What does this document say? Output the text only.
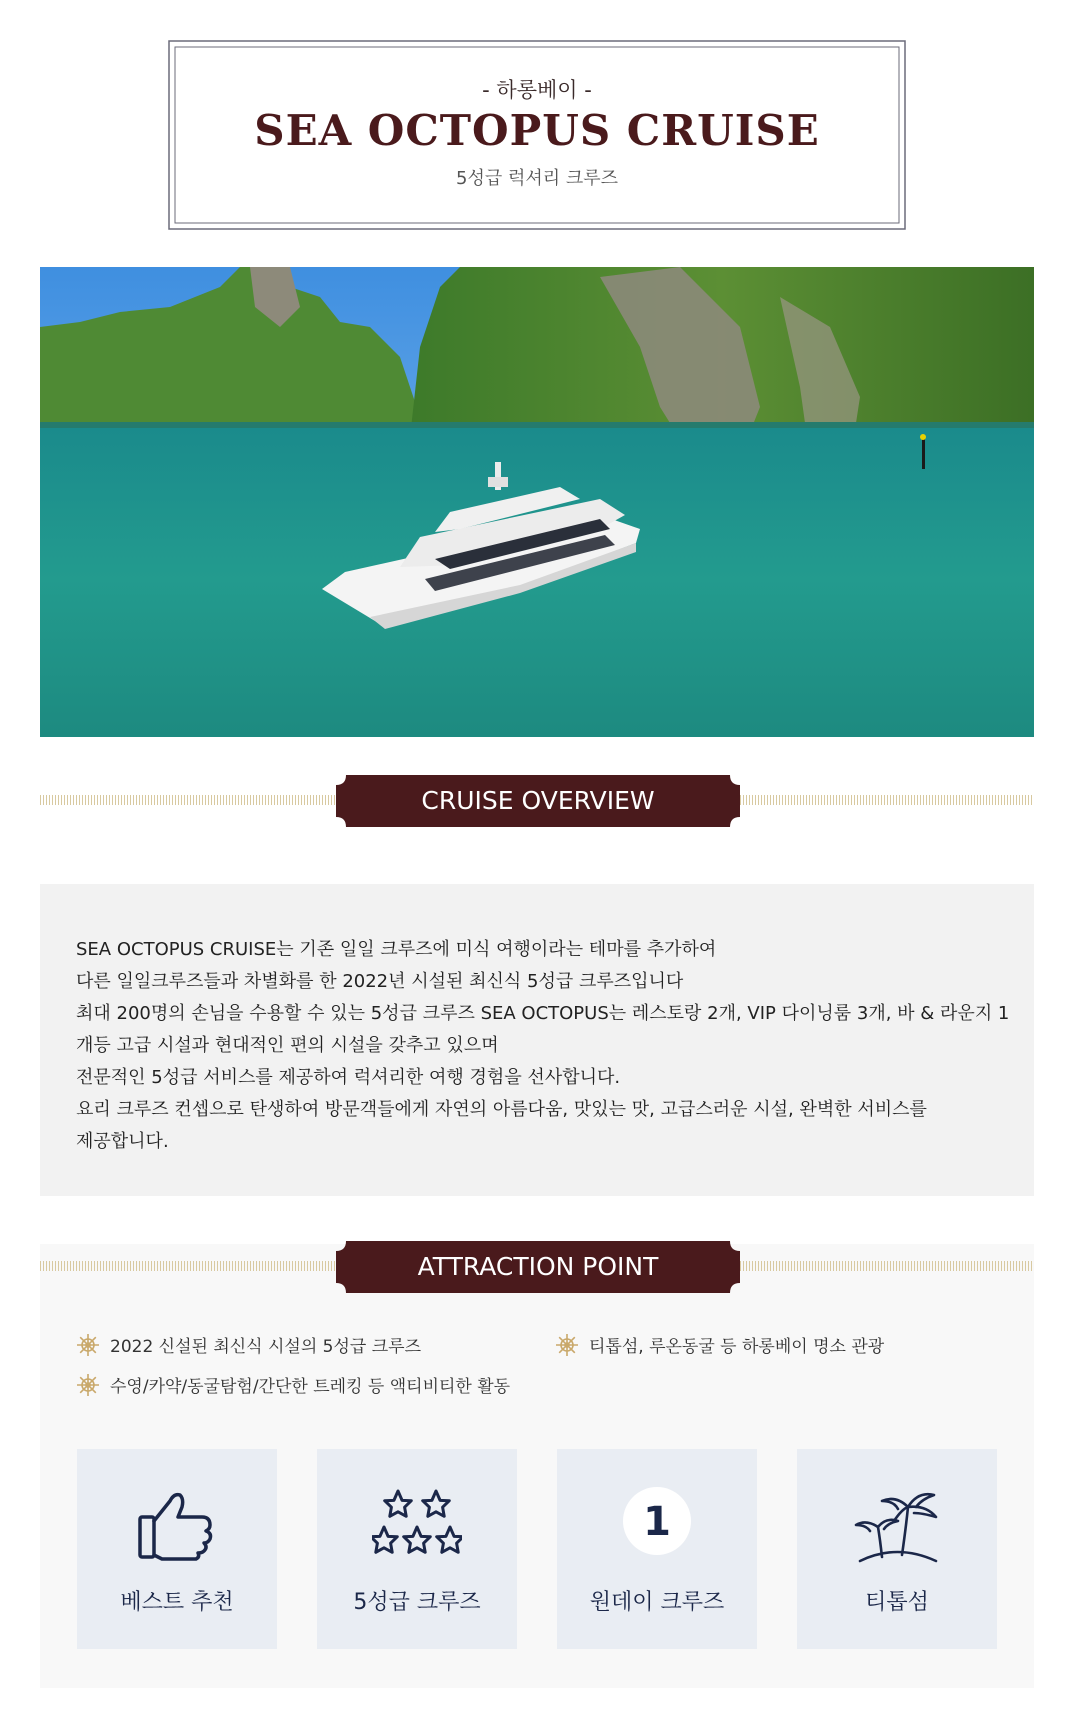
- 하롱베이 -
SEA OCTOPUS CRUISE
5성급 럭셔리 크루즈
CRUISE OVERVIEW

SEA OCTOPUS CRUISE는 기존 일일 크루즈에 미식 여행이라는 테마를 추가하여

다른 일일크루즈들과 차별화를 한 2022년 시설된 최신식 5성급 크루즈입니다

최대 200명의 손님을 수용할 수 있는 5성급 크루즈 SEA OCTOPUS는 레스토랑 2개, VIP 다이닝룸 3개, 바 & 라운지 1

개등 고급 시설과 현대적인 편의 시설을 갖추고 있으며

전문적인 5성급 서비스를 제공하여 럭셔리한 여행 경험을 선사합니다.

요리 크루즈 컨셉으로 탄생하여 방문객들에게 자연의 아름다움, 맛있는 맛, 고급스러운 시설, 완벽한 서비스를

제공합니다.

ATTRACTION POINT
2022 신설된 최신식 시설의 5성급 크루즈	티톱섬, 루온동굴 등 하롱베이 명소 관광
수영/카약/동굴탐험/간단한 트레킹 등 액티비티한 활동
베스트 추천	5성급 크루즈
1
원데이 크루즈	티톱섬
